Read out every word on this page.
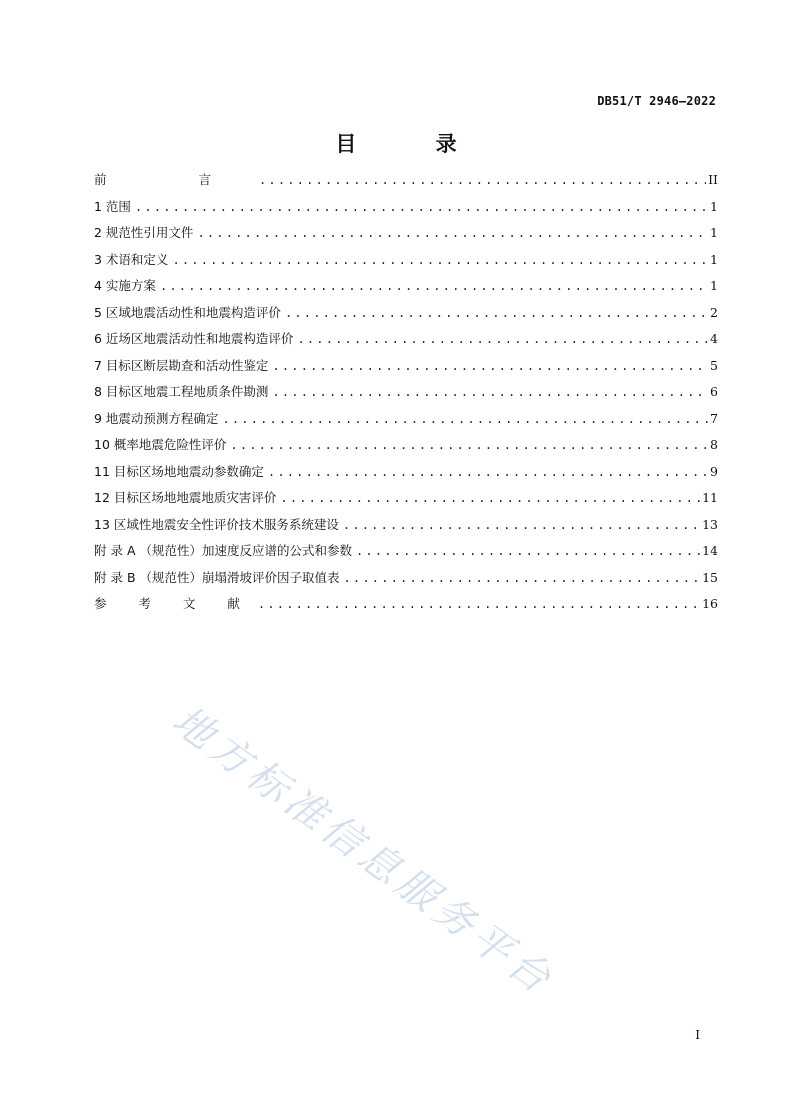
DB51/T 2946—2022
目 录
前 言 .....	II
1 范围 .....	1
2 规范性引用文件 .....	1
3 术语和定义 .....	1
4 实施方案 .....	1
5 区域地震活动性和地震构造评价 .....	2
6 近场区地震活动性和地震构造评价 .....	4
7 目标区断层勘查和活动性鉴定 .....	5
8 目标区地震工程地质条件勘测 .....	6
9 地震动预测方程确定 .....	7
10 概率地震危险性评价 .....	8
11 目标区场地地震动参数确定 .....	9
12 目标区场地地震地质灾害评价 .....	11
13 区域性地震安全性评价技术服务系统建设 .....	13
附 录 A （规范性）加速度反应谱的公式和参数 .....	14
附 录 B （规范性）崩塌滑坡评价因子取值表 .....	15
参 考 文 献 .....	16
地方标准信息服务平台
I
